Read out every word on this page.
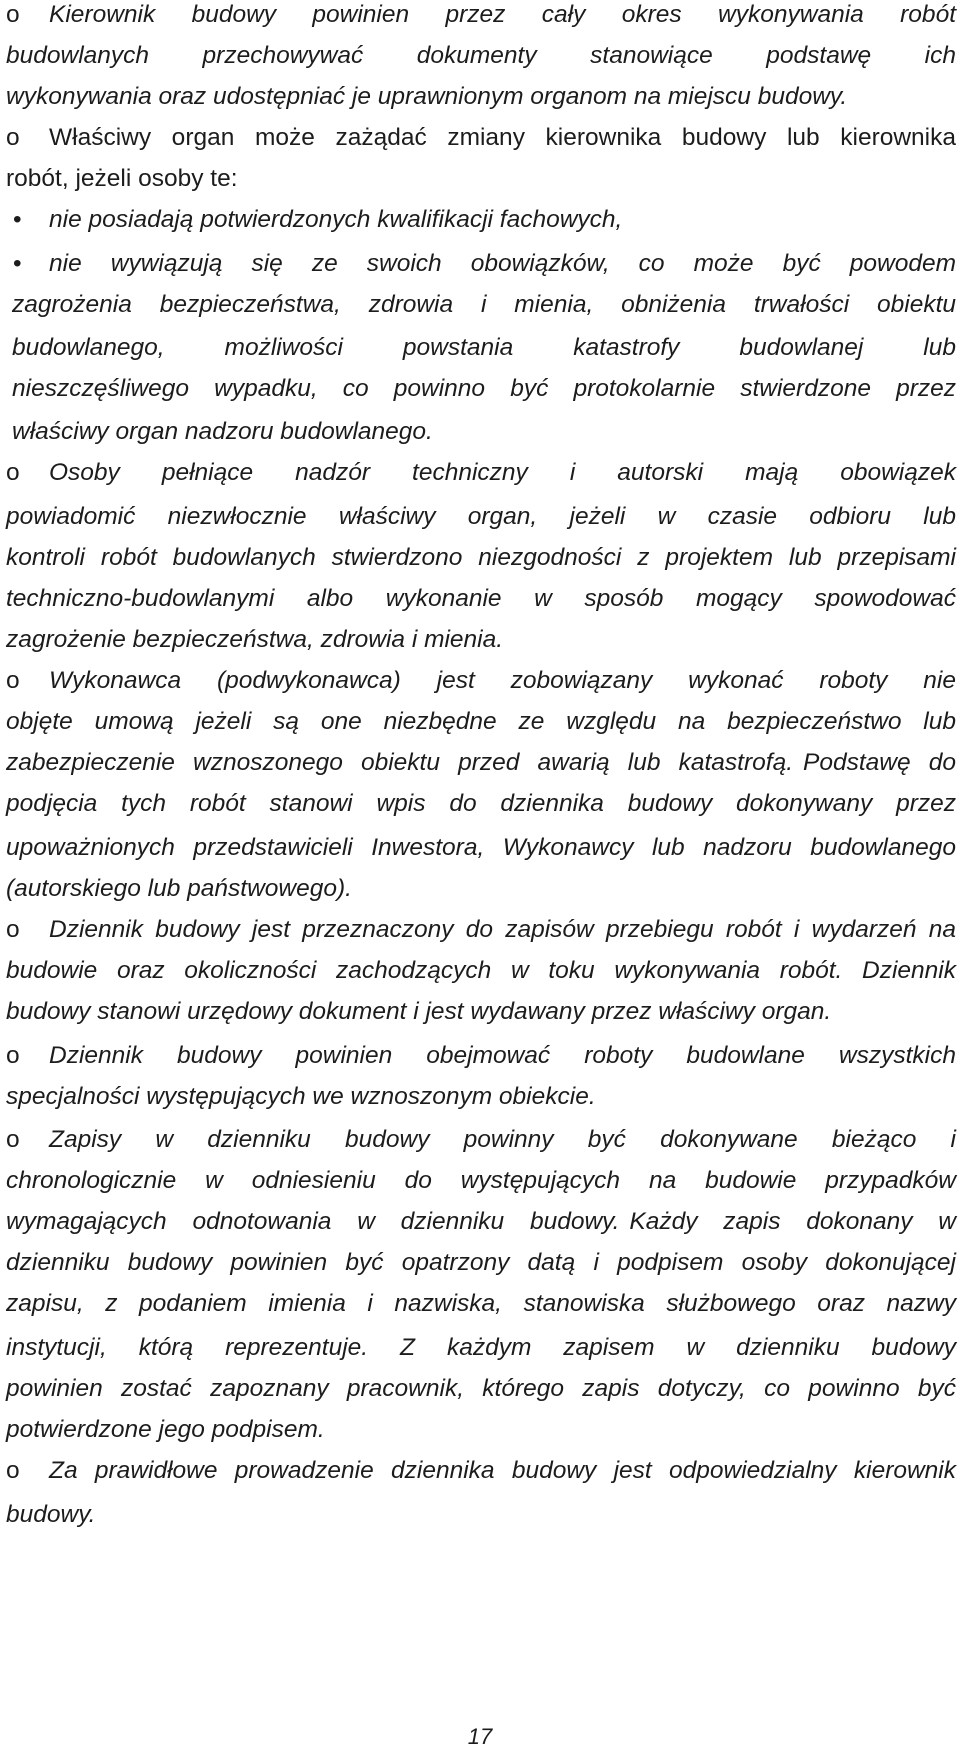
o Kierownik budowy powinien przez cały okres wykonywania robót
budowlanych przechowywać dokumenty stanowiące podstawę ich
wykonywania oraz udostępniać je uprawnionym organom na miejscu budowy.
o Właściwy organ może zażądać zmiany kierownika budowy lub kierownika
robót, jeżeli osoby te:
• nie posiadają potwierdzonych kwalifikacji fachowych,
• nie wywiązują się ze swoich obowiązków, co może być powodem
zagrożenia bezpieczeństwa, zdrowia i mienia, obniżenia trwałości obiektu
budowlanego, możliwości powstania katastrofy budowlanej lub
nieszczęśliwego wypadku, co powinno być protokolarnie stwierdzone przez
właściwy organ nadzoru budowlanego.
o Osoby pełniące nadzór techniczny i autorski mają obowiązek
powiadomić niezwłocznie właściwy organ, jeżeli w czasie odbioru lub
kontroli robót budowlanych stwierdzono niezgodności z projektem lub przepisami
techniczno-budowlanymi albo wykonanie w sposób mogący spowodować
zagrożenie bezpieczeństwa, zdrowia i mienia.
o Wykonawca (podwykonawca) jest zobowiązany wykonać roboty nie
objęte umową jeżeli są one niezbędne ze względu na bezpieczeństwo lub
zabezpieczenie wznoszonego obiektu przed awarią lub katastrofą. Podstawę do
podjęcia tych robót stanowi wpis do dziennika budowy dokonywany przez
upoważnionych przedstawicieli Inwestora, Wykonawcy lub nadzoru budowlanego
(autorskiego lub państwowego).
o Dziennik budowy jest przeznaczony do zapisów przebiegu robót i wydarzeń na
budowie oraz okoliczności zachodzących w toku wykonywania robót. Dziennik
budowy stanowi urzędowy dokument i jest wydawany przez właściwy organ.
o Dziennik budowy powinien obejmować roboty budowlane wszystkich
specjalności występujących we wznoszonym obiekcie.
o Zapisy w dzienniku budowy powinny być dokonywane bieżąco i
chronologicznie w odniesieniu do występujących na budowie przypadków
wymagających odnotowania w dzienniku budowy. Każdy zapis dokonany w
dzienniku budowy powinien być opatrzony datą i podpisem osoby dokonującej
zapisu, z podaniem imienia i nazwiska, stanowiska służbowego oraz nazwy
instytucji, którą reprezentuje. Z każdym zapisem w dzienniku budowy
powinien zostać zapoznany pracownik, którego zapis dotyczy, co powinno być
potwierdzone jego podpisem.
o Za prawidłowe prowadzenie dziennika budowy jest odpowiedzialny kierownik
budowy.
17
